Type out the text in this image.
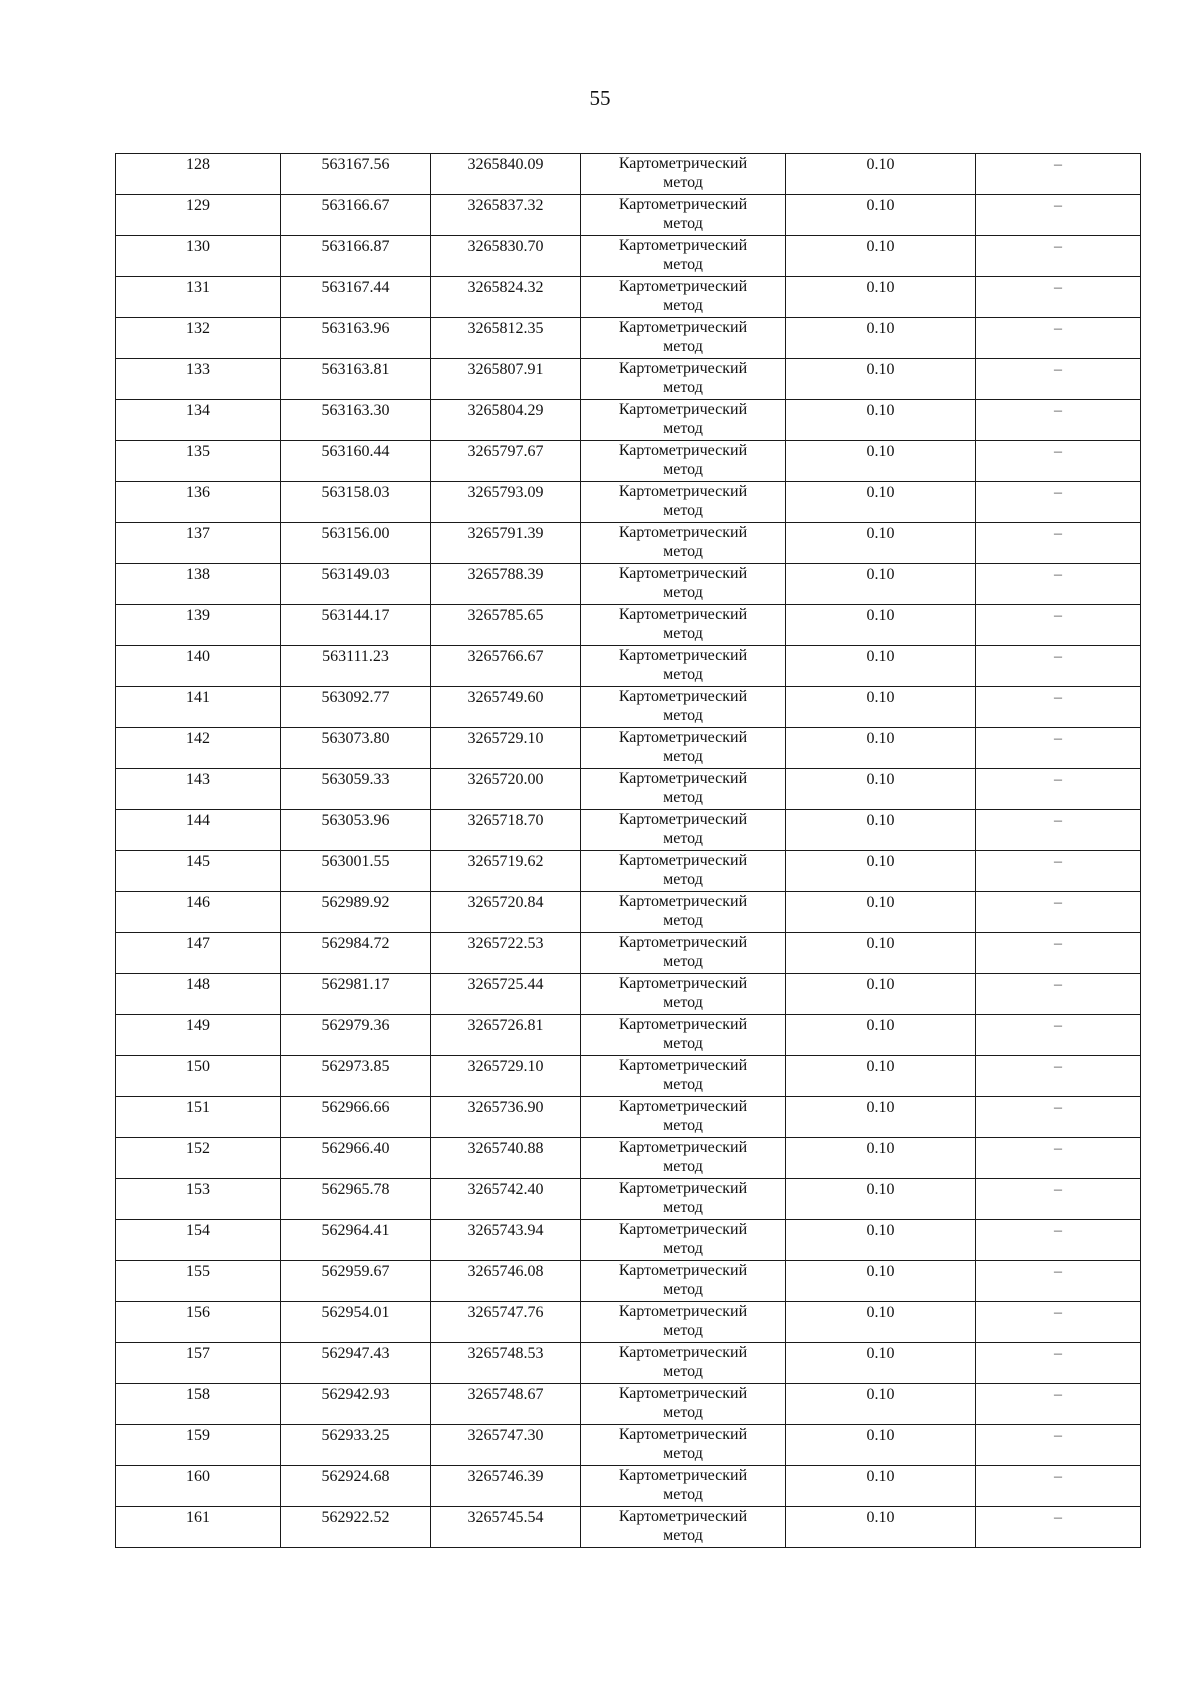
55
128	563167.56	3265840.09	Картометрический
метод	0.10	–
129	563166.67	3265837.32	Картометрический
метод	0.10	–
130	563166.87	3265830.70	Картометрический
метод	0.10	–
131	563167.44	3265824.32	Картометрический
метод	0.10	–
132	563163.96	3265812.35	Картометрический
метод	0.10	–
133	563163.81	3265807.91	Картометрический
метод	0.10	–
134	563163.30	3265804.29	Картометрический
метод	0.10	–
135	563160.44	3265797.67	Картометрический
метод	0.10	–
136	563158.03	3265793.09	Картометрический
метод	0.10	–
137	563156.00	3265791.39	Картометрический
метод	0.10	–
138	563149.03	3265788.39	Картометрический
метод	0.10	–
139	563144.17	3265785.65	Картометрический
метод	0.10	–
140	563111.23	3265766.67	Картометрический
метод	0.10	–
141	563092.77	3265749.60	Картометрический
метод	0.10	–
142	563073.80	3265729.10	Картометрический
метод	0.10	–
143	563059.33	3265720.00	Картометрический
метод	0.10	–
144	563053.96	3265718.70	Картометрический
метод	0.10	–
145	563001.55	3265719.62	Картометрический
метод	0.10	–
146	562989.92	3265720.84	Картометрический
метод	0.10	–
147	562984.72	3265722.53	Картометрический
метод	0.10	–
148	562981.17	3265725.44	Картометрический
метод	0.10	–
149	562979.36	3265726.81	Картометрический
метод	0.10	–
150	562973.85	3265729.10	Картометрический
метод	0.10	–
151	562966.66	3265736.90	Картометрический
метод	0.10	–
152	562966.40	3265740.88	Картометрический
метод	0.10	–
153	562965.78	3265742.40	Картометрический
метод	0.10	–
154	562964.41	3265743.94	Картометрический
метод	0.10	–
155	562959.67	3265746.08	Картометрический
метод	0.10	–
156	562954.01	3265747.76	Картометрический
метод	0.10	–
157	562947.43	3265748.53	Картометрический
метод	0.10	–
158	562942.93	3265748.67	Картометрический
метод	0.10	–
159	562933.25	3265747.30	Картометрический
метод	0.10	–
160	562924.68	3265746.39	Картометрический
метод	0.10	–
161	562922.52	3265745.54	Картометрический
метод	0.10	–
